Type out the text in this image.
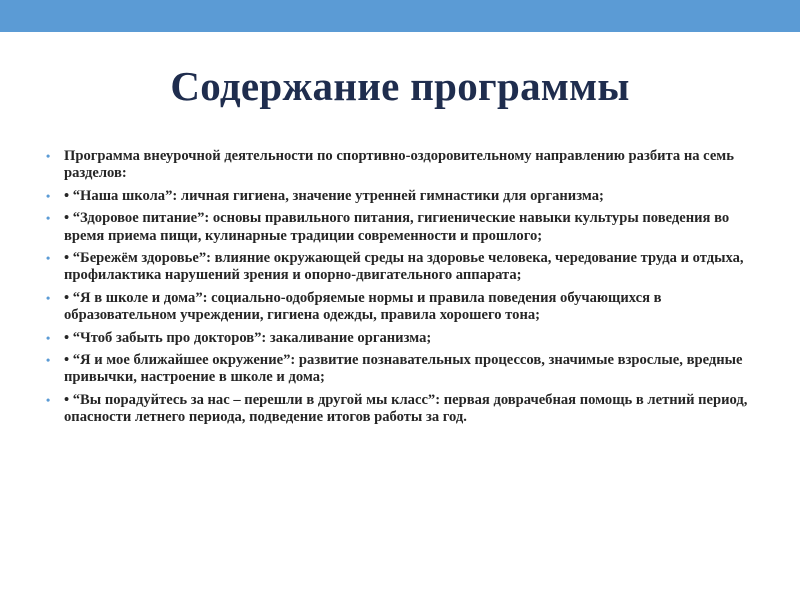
Содержание программы
• Программа внеурочной деятельности по спортивно-оздоровительному направлению разбита на семь разделов:
• • “Наша школа”: личная гигиена, значение утренней гимнастики для организма;
• • “Здоровое питание”: основы правильного питания, гигиенические навыки культуры поведения во время приема пищи, кулинарные традиции современности и прошлого;
• • “Бережём здоровье”: влияние окружающей среды на здоровье человека, чередование труда и отдыха, профилактика нарушений зрения и опорно-двигательного аппарата;
• • “Я в школе и дома”: социально-одобряемые нормы и правила поведения обучающихся в образовательном учреждении, гигиена одежды, правила хорошего тона;
• • “Чтоб забыть про докторов”: закаливание организма;
• • “Я и мое ближайшее окружение”: развитие познавательных процессов, значимые взрослые, вредные привычки, настроение в школе и дома;
• • “Вы порадуйтесь за нас – перешли в другой мы класс”: первая доврачебная помощь в летний период, опасности летнего периода, подведение итогов работы за год.
